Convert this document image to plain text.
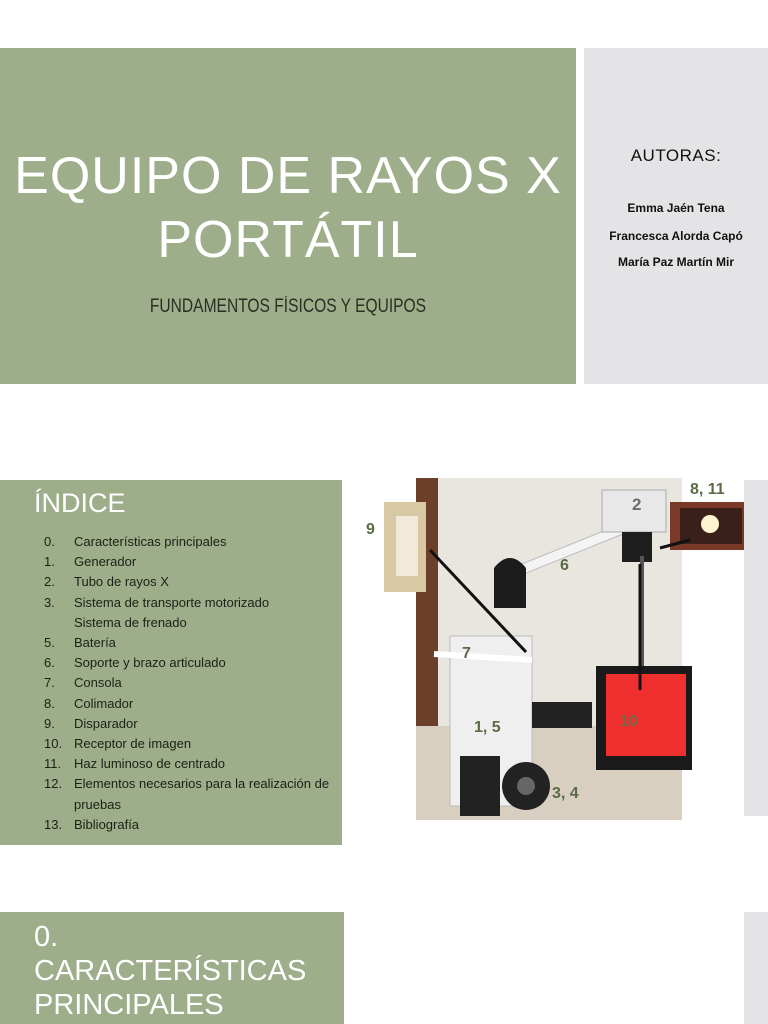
EQUIPO DE RAYOS X
PORTÁTIL
FUNDAMENTOS FÍSICOS Y EQUIPOS
AUTORAS:
Emma Jaén Tena
Francesca Alorda Capó
María Paz Martín Mir
ÍNDICE
0.	Características principales
1.	Generador
2.	Tubo de rayos X
3.	Sistema de transporte motorizado
Sistema de frenado
5.	Batería
6.	Soporte y brazo articulado
7.	Consola
8.	Colimador
9.	Disparador
10. Receptor de imagen
11. Haz luminoso de centrado
12. Elementos necesarios para la realización de
pruebas
13. Bibliografía
9
2
8, 11
6
7
1, 5	10
3, 4
0. CARACTERÍSTICAS PRINCIPALES
